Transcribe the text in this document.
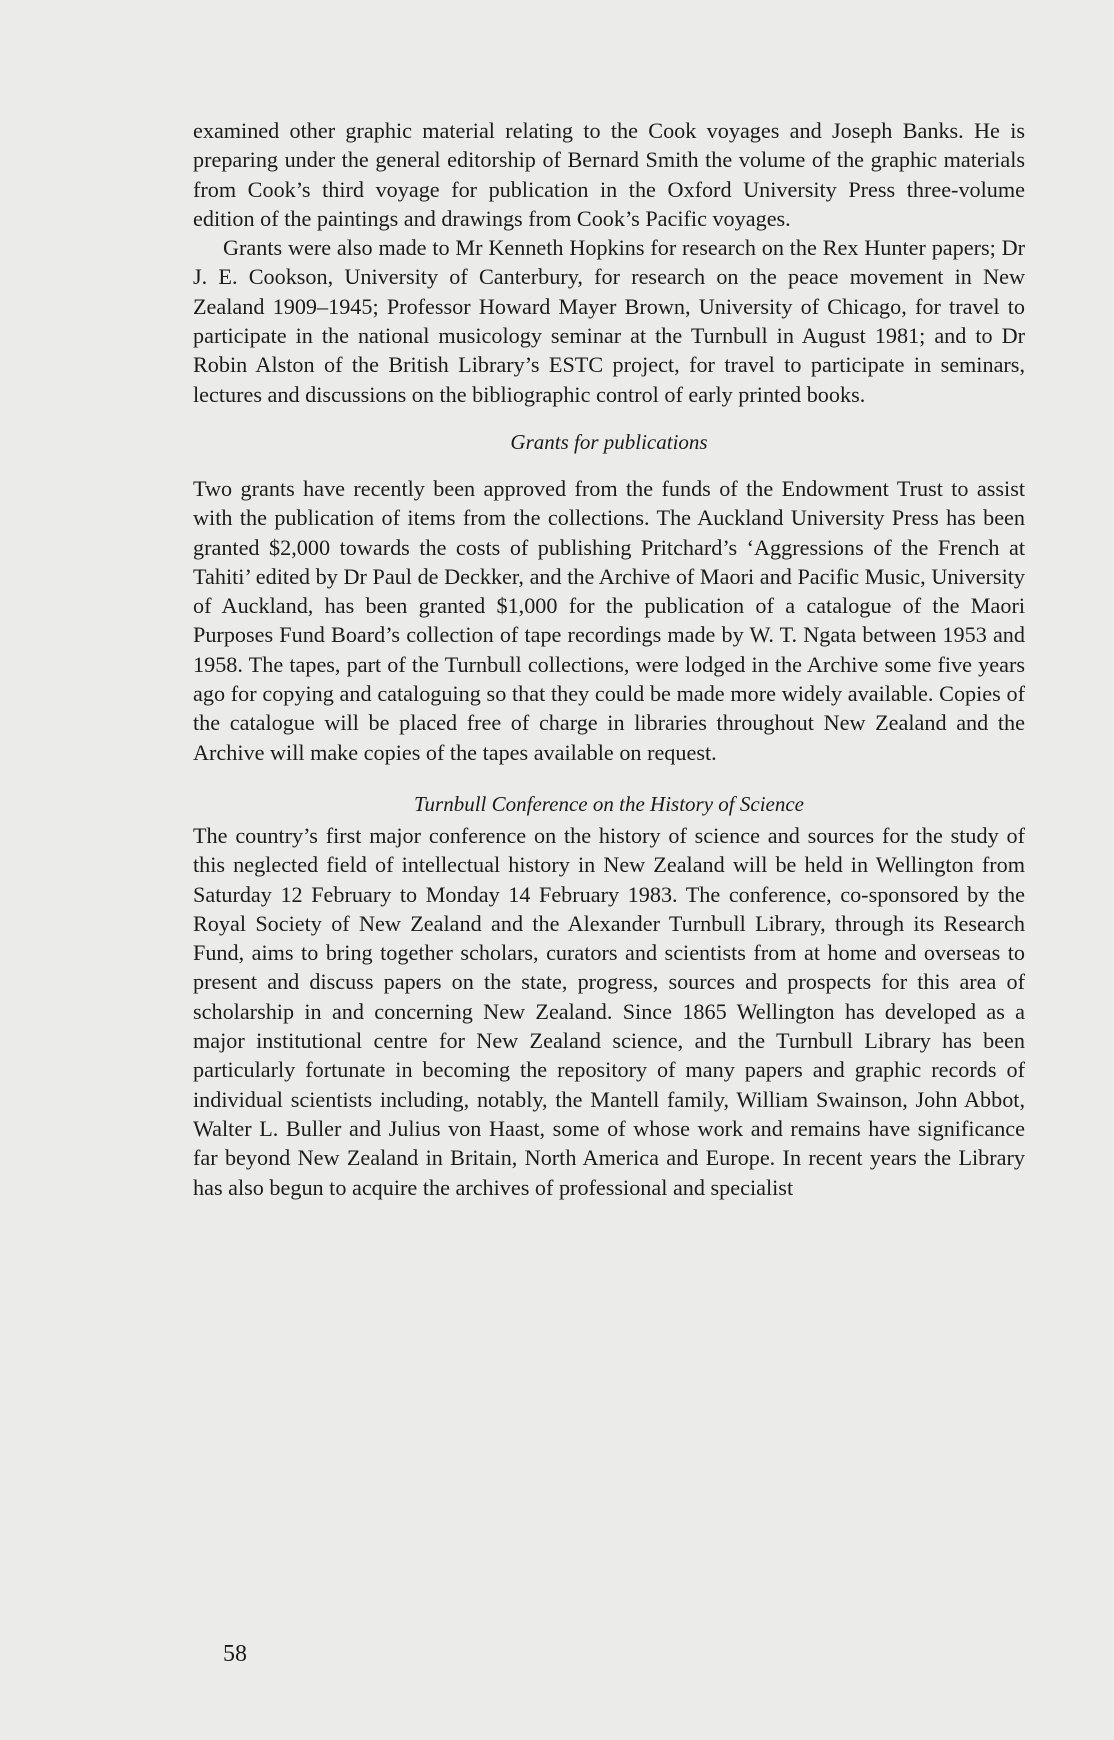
examined other graphic material relating to the Cook voyages and Joseph Banks. He is preparing under the general editorship of Bernard Smith the volume of the graphic materials from Cook’s third voyage for publication in the Oxford University Press three-volume edition of the paintings and drawings from Cook’s Pacific voyages.

Grants were also made to Mr Kenneth Hopkins for research on the Rex Hunter papers; Dr J. E. Cookson, University of Canterbury, for research on the peace movement in New Zealand 1909–1945; Professor Howard Mayer Brown, University of Chicago, for travel to participate in the national musicology seminar at the Turnbull in August 1981; and to Dr Robin Alston of the British Library’s ESTC project, for travel to participate in seminars, lectures and discussions on the bibliographic control of early printed books.

Grants for publications

Two grants have recently been approved from the funds of the Endowment Trust to assist with the publication of items from the collections. The Auckland University Press has been granted $2,000 towards the costs of publishing Pritchard’s ‘Aggressions of the French at Tahiti’ edited by Dr Paul de Deckker, and the Archive of Maori and Pacific Music, University of Auckland, has been granted $1,000 for the publication of a catalogue of the Maori Purposes Fund Board’s collection of tape recordings made by W. T. Ngata between 1953 and 1958. The tapes, part of the Turnbull collections, were lodged in the Archive some five years ago for copying and cataloguing so that they could be made more widely available. Copies of the catalogue will be placed free of charge in libraries throughout New Zealand and the Archive will make copies of the tapes available on request.

Turnbull Conference on the History of Science

The country’s first major conference on the history of science and sources for the study of this neglected field of intellectual history in New Zealand will be held in Wellington from Saturday 12 February to Monday 14 February 1983. The conference, co-sponsored by the Royal Society of New Zealand and the Alexander Turnbull Library, through its Research Fund, aims to bring together scholars, curators and scientists from at home and overseas to present and discuss papers on the state, progress, sources and prospects for this area of scholarship in and concerning New Zealand. Since 1865 Wellington has developed as a major institutional centre for New Zealand science, and the Turnbull Library has been particularly fortunate in becoming the repository of many papers and graphic records of individual scientists including, notably, the Mantell family, William Swainson, John Abbot, Walter L. Buller and Julius von Haast, some of whose work and remains have significance far beyond New Zealand in Britain, North America and Europe. In recent years the Library has also begun to acquire the archives of professional and specialist

58
